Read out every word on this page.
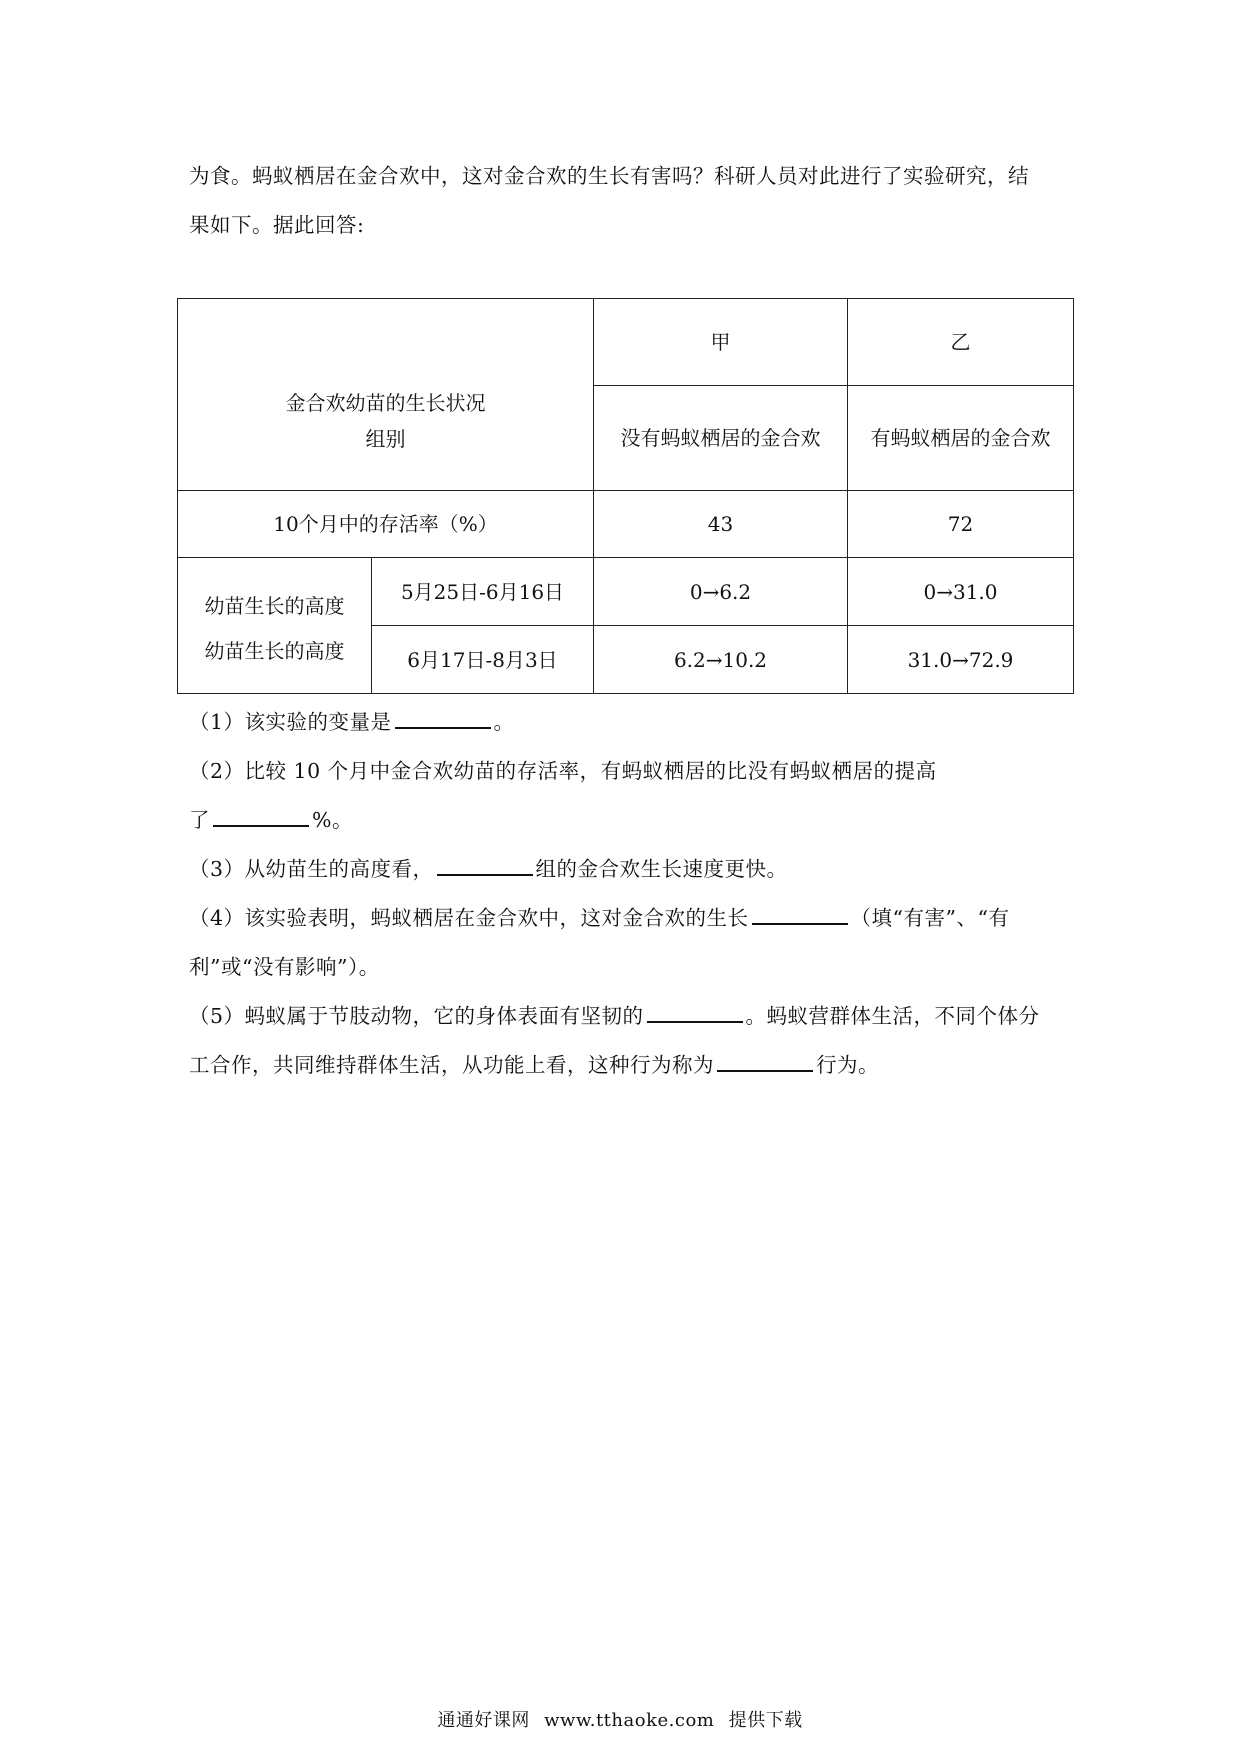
为食。蚂蚁栖居在金合欢中，这对金合欢的生长有害吗？科研人员对此进行了实验研究，结
果如下。据此回答:
金合欢幼苗的生长状况
组别		甲	乙
		没有蚂蚁栖居的金合欢	有蚂蚁栖居的金合欢
10个月中的存活率（%）		43	72

幼苗生长的高度
幼苗生长的高度	5月25日-6月16日	0→6.2	0→31.0
	6月17日-8月3日	6.2→10.2	31.0→72.9

（1）该实验的变量是	。

（2）比较 10 个月中金合欢幼苗的存活率，有蚂蚁栖居的比没有蚂蚁栖居的提高
了	%。

（3）从幼苗生的高度看，	组的金合欢生长速度更快。

（4）该实验表明，蚂蚁栖居在金合欢中，这对金合欢的生长	（填“有害”、“有
利”或“没有影响”）。

（5）蚂蚁属于节肢动物，它的身体表面有坚韧的	。蚂蚁营群体生活，不同个体分
工合作，共同维持群体生活，从功能上看，这种行为称为	行为。

通通好课网 www.tthaoke.com 提供下载
